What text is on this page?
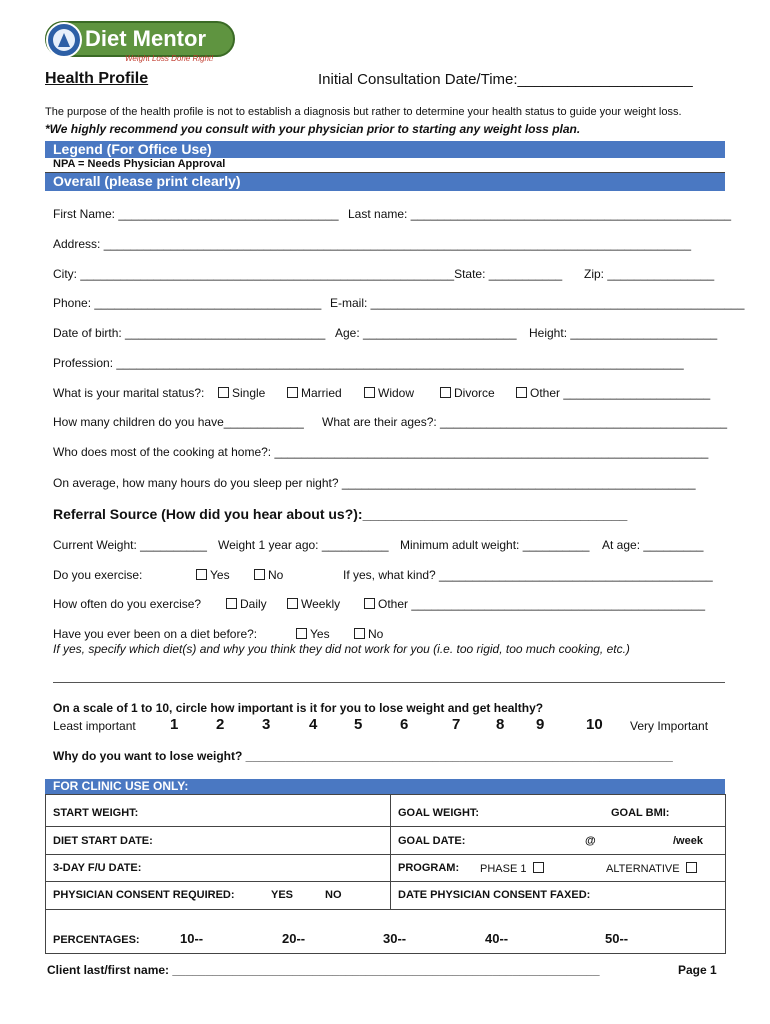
Diet Mentor
Weight Loss Done Right!
Health Profile	Initial Consultation Date/Time:_____________________
The purpose of the health profile is not to establish a diagnosis but rather to determine your health status to guide your weight loss.
*We highly recommend you consult with your physician prior to starting any weight loss plan.
Legend (For Office Use)
NPA = Needs Physician Approval
Overall (please print clearly)
First Name: _________________________________ Last name: ________________________________________________
Address: ________________________________________________________________________________________
City: ________________________________________________________State: ___________ Zip: ________________
Phone: __________________________________ E-mail: ________________________________________________________
Date of birth: ______________________________ Age: _______________________ Height: ______________________
Profession: _____________________________________________________________________________________
What is your marital status?:	Single	Married	Widow	Divorce	Other ______________________
How many children do you have____________ What are their ages?: ___________________________________________
Who does most of the cooking at home?: _________________________________________________________________
On average, how many hours do you sleep per night? _____________________________________________________
Referral Source (How did you hear about us?):__________________________________
Current Weight: __________ Weight 1 year ago: __________ Minimum adult weight: __________ At age: _________
Do you exercise:	Yes	No	If yes, what kind? _________________________________________
How often do you exercise?	Daily	Weekly	Other ____________________________________________
Have you ever been on a diet before?:	Yes	No
If yes, specify which diet(s) and why you think they did not work for you (i.e. too rigid, too much cooking, etc.)
On a scale of 1 to 10, circle how important is it for you to lose weight and get healthy?
Least important 1	2	3	4 5	6	7 8 9	10 Very Important
Why do you want to lose weight? ________________________________________________________________
FOR CLINIC USE ONLY:
START WEIGHT:	GOAL WEIGHT:	GOAL BMI:
DIET START DATE:	GOAL DATE:	@	/week
3-DAY F/U DATE:	PROGRAM: PHASE 1	ALTERNATIVE
PHYSICIAN CONSENT REQUIRED:	YES	NO	DATE PHYSICIAN CONSENT FAXED:
PERCENTAGES:	10--	20--	30--	40--	50--
Client last/first name: ________________________________________________________________	Page 1
